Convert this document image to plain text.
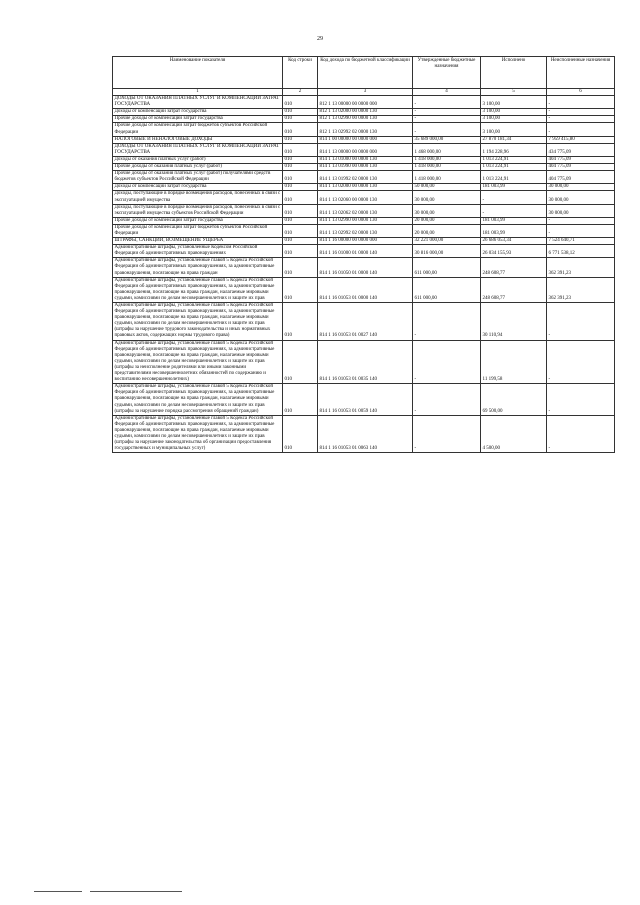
29
Наименование показателя	Код строки	Код дохода по бюджетной классификации	Утвержденные бюджетные назначения	Исполнено	Неисполненные назначения
1	2	3	4	5	6
ДОХОДЫ ОТ ОКАЗАНИЯ ПЛАТНЫХ УСЛУГ И КОМПЕНСАЦИИ ЗАТРАТ ГОСУДАРСТВА	010	812 1 13 00000 00 0000 000	-	3 100,00	-
Доходы от компенсации затрат государства	010	812 1 13 02000 00 0000 130	-	3 100,00	-
Прочие доходы от компенсации затрат государства	010	812 1 13 02990 00 0000 130	-	3 100,00	-
Прочие доходы от компенсации затрат бюджетов субъектов Российской Федерации	010	812 1 13 02992 02 0000 130	-	3 100,00	-
НАЛОГОВЫЕ И НЕНАЛОГОВЫЕ ДОХОДЫ	010	814 1 00 00000 00 0000 000	35 689 000,00	27 870 181,34	7 959 415,80
ДОХОДЫ ОТ ОКАЗАНИЯ ПЛАТНЫХ УСЛУГ И КОМПЕНСАЦИИ ЗАТРАТ ГОСУДАРСТВА	010	814 1 13 00000 00 0000 000	1 468 000,00	1 194 228,96	434 775,09
Доходы от оказания платных услуг (работ)	010	814 1 13 01000 00 0000 130	1 418 000,00	1 013 224,91	404 775,09
Прочие доходы от оказания платных услуг (работ)	010	814 1 13 01990 00 0000 130	1 418 000,00	1 013 224,91	404 775,09
Прочие доходы от оказания платных услуг (работ) получателями средств бюджетов субъектов Российской Федерации	010	814 1 13 01992 02 0000 130	1 418 000,00	1 013 224,91	404 775,09
Доходы от компенсации затрат государства	010	814 1 13 02000 00 0000 130	50 000,00	181 003,99	30 000,00
Доходы, поступающие в порядке возмещения расходов, понесенных в связи с эксплуатацией имущества	010	814 1 13 02060 00 0000 130	30 000,00	-	30 000,00
Доходы, поступающие в порядке возмещения расходов, понесенных в связи с эксплуатацией имущества субъектов Российской Федерации	010	814 1 13 02062 02 0000 130	30 000,00	-	30 000,00
Прочие доходы от компенсации затрат государства	010	814 1 13 02990 00 0000 130	20 000,00	181 003,99	-
Прочие доходы от компенсации затрат бюджетов субъектов Российской Федерации	010	814 1 13 02992 02 0000 130	20 000,00	181 003,99	-
ШТРАФЫ, САНКЦИИ, ВОЗМЕЩЕНИЕ УЩЕРБА	010	814 1 16 00000 00 0000 000	32 221 000,00	26 686 053,34	7 524 640,71
Административные штрафы, установленные Кодексом Российской Федерации об административных правонарушениях	010	814 1 16 01000 01 0000 140	30 816 000,00	26 034 155,93	6 771 538,12
Административные штрафы, установленные главой 5 Кодекса Российской Федерации об административных правонарушениях, за административные правонарушения, посягающие на права граждан	010	814 1 16 01050 01 0000 140	611 000,00	248 608,77	362 391,23
Административные штрафы, установленные главой 5 Кодекса Российской Федерации об административных правонарушениях, за административные правонарушения, посягающие на права граждан, налагаемые мировыми судьями, комиссиями по делам несовершеннолетних и защите их прав	010	814 1 16 01053 01 0000 140	611 000,00	248 608,77	362 391,23
Административные штрафы, установленные главой 5 Кодекса Российской Федерации об административных правонарушениях, за административные правонарушения, посягающие на права граждан, налагаемые мировыми судьями, комиссиями по делам несовершеннолетних и защите их прав (штрафы за нарушение трудового законодательства и иных нормативных правовых актов, содержащих нормы трудового права)	010	814 1 16 01053 01 0027 140	-	30 110,94	-
Административные штрафы, установленные главой 5 Кодекса Российской Федерации об административных правонарушениях, за административные правонарушения, посягающие на права граждан, налагаемые мировыми судьями, комиссиями по делам несовершеннолетних и защите их прав (штрафы за неисполнение родителями или иными законными представителями несовершеннолетних обязанностей по содержанию и воспитанию несовершеннолетних)	010	814 1 16 01053 01 0035 140	-	11 199,58	-
Административные штрафы, установленные главой 5 Кодекса Российской Федерации об административных правонарушениях, за административные правонарушения, посягающие на права граждан, налагаемые мировыми судьями, комиссиями по делам несовершеннолетних и защите их прав (штрафы за нарушение порядка рассмотрения обращений граждан)	010	814 1 16 01053 01 0059 140	-	69 500,00	-
Административные штрафы, установленные главой 5 Кодекса Российской Федерации об административных правонарушениях, за административные правонарушения, посягающие на права граждан, налагаемые мировыми судьями, комиссиями по делам несовершеннолетних и защите их прав (штрафы за нарушение законодательства об организации предоставления государственных и муниципальных услуг)	010	814 1 16 01053 01 0063 140	-	4 500,00	-
